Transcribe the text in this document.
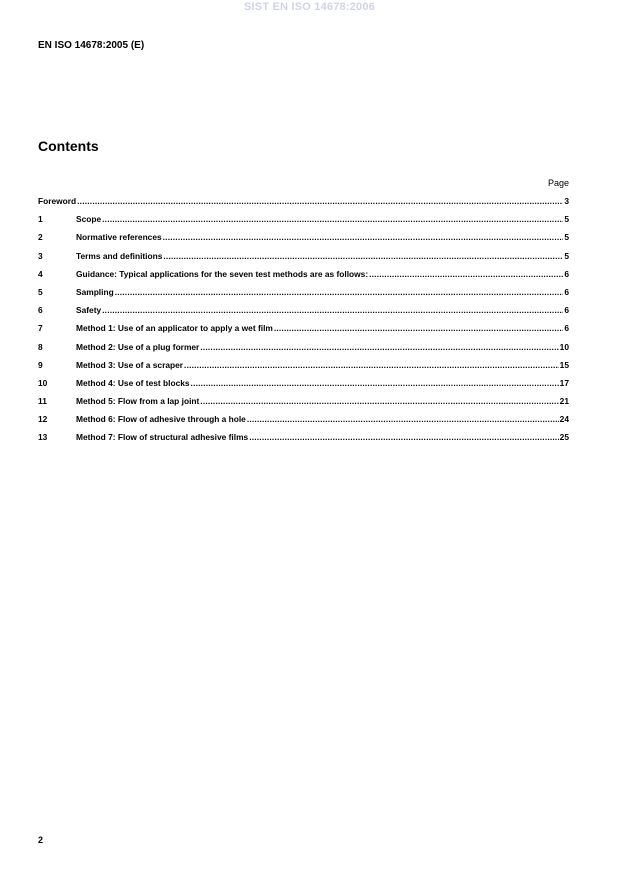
SIST EN ISO 14678:2006
EN ISO 14678:2005 (E)
Contents
Page
Foreword .....	3
1	Scope .....	5
2	Normative references .....	5
3	Terms and definitions .....	5
4	Guidance: Typical applications for the seven test methods are as follows: .....	6
5	Sampling .....	6
6	Safety .....	6
7	Method 1: Use of an applicator to apply a wet film .....	6
8	Method 2: Use of a plug former .....	10
9	Method 3: Use of a scraper .....	15
10	Method 4: Use of test blocks .....	17
11	Method 5: Flow from a lap joint .....	21
12	Method 6: Flow of adhesive through a hole .....	24
13	Method 7: Flow of structural adhesive films .....	25
2
